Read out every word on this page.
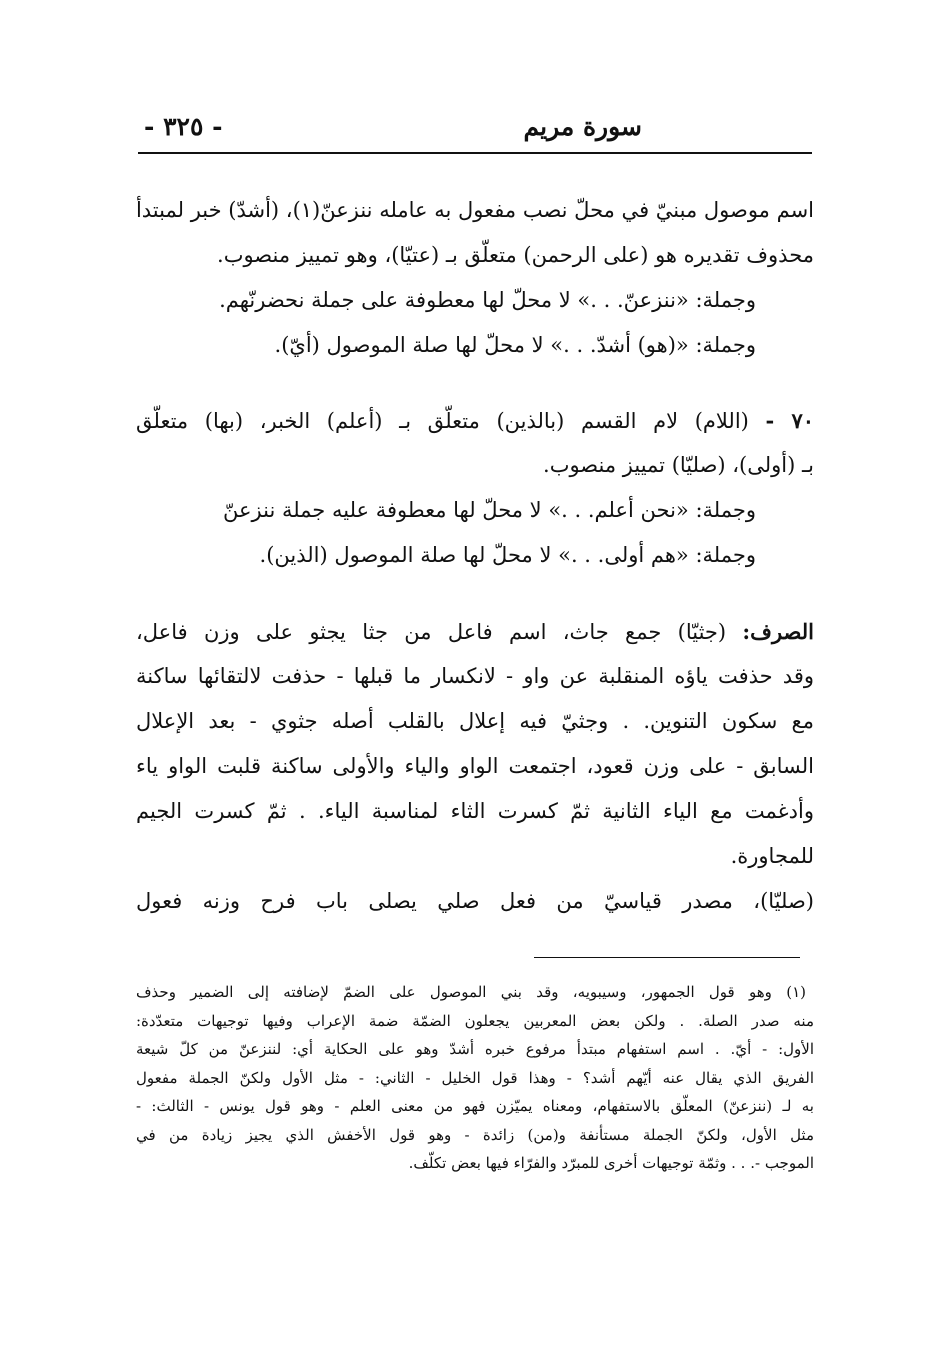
سورة مريم
- ٣٢٥ -
اسم موصول مبنيّ في محلّ نصب مفعول به عامله ننزعنّ(١)، (أشدّ) خبر لمبتدأ
محذوف تقديره هو (على الرحمن) متعلّق بـ (عتيّا)، وهو تمييز منصوب.
وجملة: «ننزعنّ. . .» لا محلّ لها معطوفة على جملة نحضرنّهم.
وجملة: «(هو) أشدّ. . .» لا محلّ لها صلة الموصول (أيّ).
٧٠ - (اللام) لام القسم (بالذين) متعلّق بـ (أعلم) الخبر، (بها) متعلّق
بـ (أولى)، (صليّا) تمييز منصوب.
وجملة: «نحن أعلم. . .» لا محلّ لها معطوفة عليه جملة ننزعنّ
وجملة: «هم أولى. . .» لا محلّ لها صلة الموصول (الذين).
الصرف: (جثيّا) جمع جاث، اسم فاعل من جثا يجثو على وزن فاعل،
وقد حذفت ياؤه المنقلبة عن واو - لانكسار ما قبلها - حذفت لالتقائها ساكنة
مع سكون التنوين. . وجثيّ فيه إعلال بالقلب أصله جثوي - بعد الإعلال
السابق - على وزن قعود، اجتمعت الواو والياء والأولى ساكنة قلبت الواو ياء
وأدغمت مع الياء الثانية ثمّ كسرت الثاء لمناسبة الياء. . ثمّ كسرت الجيم
للمجاورة.
(صليّا)، مصدر قياسيّ من فعل صلي يصلى باب فرح وزنه فعول
(١) وهو قول الجمهور، وسيبويه، وقد بني الموصول على الضمّ لإضافته إلى الضمير وحذف
منه صدر الصلة. . ولكن بعض المعربين يجعلون الضمّة ضمة الإعراب وفيها توجيهات متعدّدة:
الأول: - أيّ. . اسم استفهام مبتدأ مرفوع خبره أشدّ وهو على الحكاية أي: لننزعنّ من كلّ شيعة
الفريق الذي يقال عنه أيّهم أشد؟ - وهذا قول الخليل - الثاني: - مثل الأول ولكنّ الجملة مفعول
به لـ (ننزعنّ) المعلّق بالاستفهام، ومعناه يميّزن فهو من معنى العلم - وهو قول يونس - الثالث: -
مثل الأول، ولكنّ الجملة مستأنفة و(من) زائدة - وهو قول الأخفش الذي يجيز زيادة من في
الموجب -. . . وثمّة توجيهات أخرى للمبرّد والفرّاء فيها بعض تكلّف.
